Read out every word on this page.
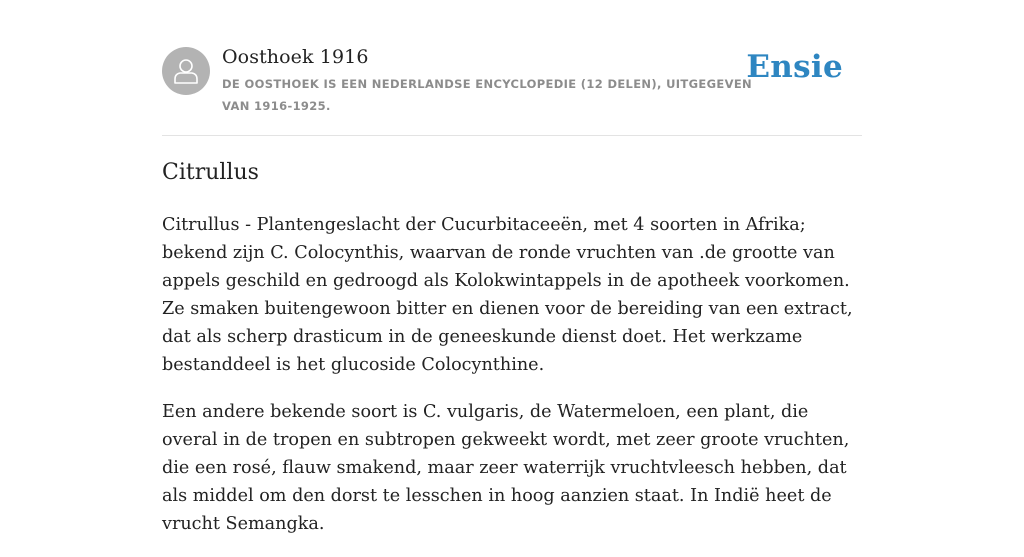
Oosthoek 1916
DE OOSTHOEK IS EEN NEDERLANDSE ENCYCLOPEDIE (12 DELEN), UITGEGEVEN VAN 1916-1925.
Ensie
Citrullus

Citrullus - Plantengeslacht der Cucurbitaceeën, met 4 soorten in Afrika; bekend zijn C. Colocynthis, waarvan de ronde vruchten van .de grootte van appels geschild en gedroogd als Kolokwintappels in de apotheek voorkomen. Ze smaken buitengewoon bitter en dienen voor de bereiding van een extract, dat als scherp drasticum in de geneeskunde dienst doet. Het werkzame bestanddeel is het glucoside Colocynthine.

Een andere bekende soort is C. vulgaris, de Watermeloen, een plant, die overal in de tropen en subtropen gekweekt wordt, met zeer groote vruchten, die een rosé, flauw smakend, maar zeer waterrijk vruchtvleesch hebben, dat als middel om den dorst te lesschen in hoog aanzien staat. In Indië heet de vrucht Semangka.
